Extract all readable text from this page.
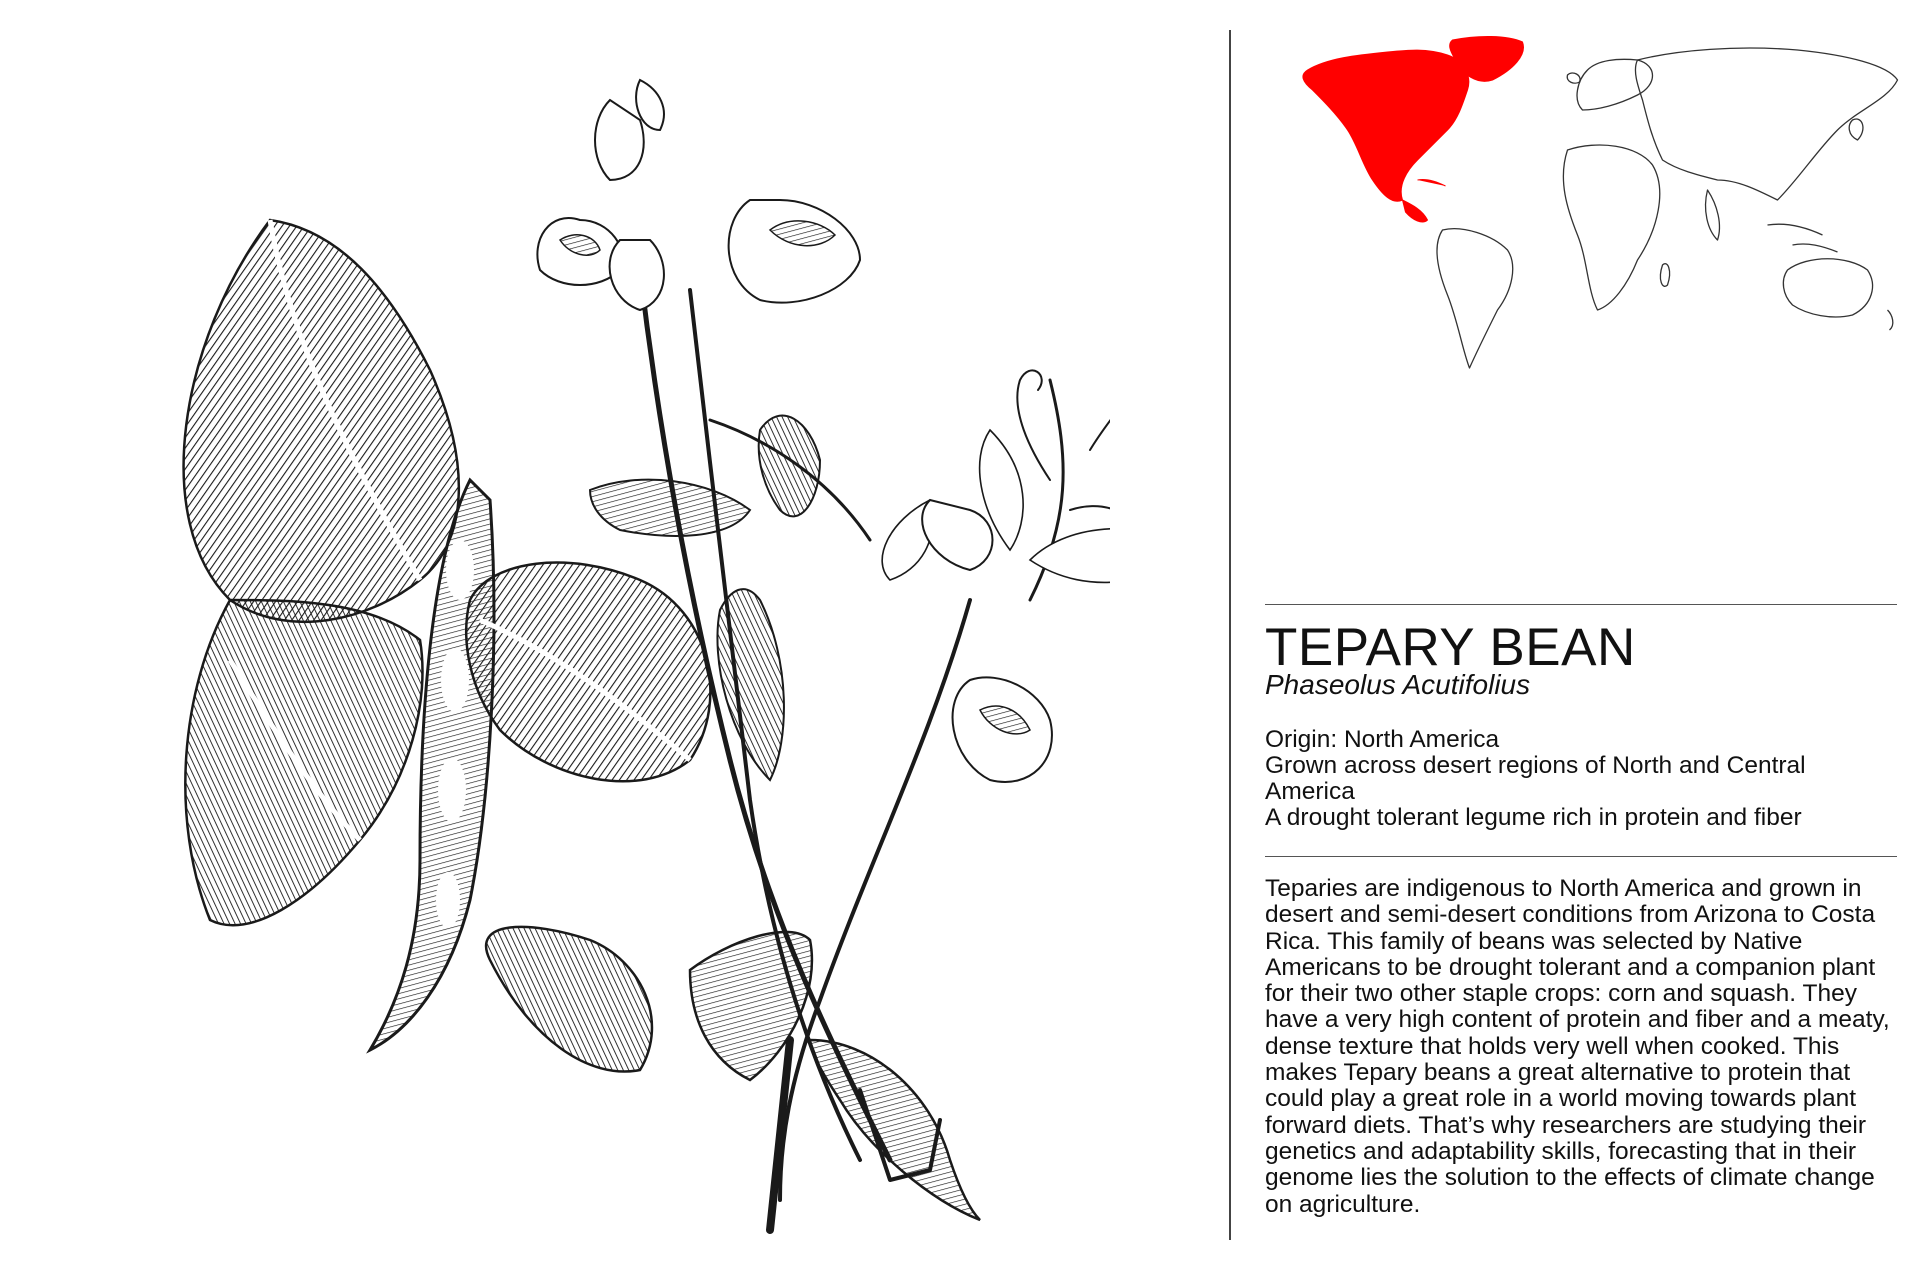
TEPARY BEAN

Phaseolus Acutifolius

Origin: North America
Grown across desert regions of North and Central America
A drought tolerant legume rich in protein and fiber

Teparies are indigenous to North America and grown in desert and semi-desert conditions from Arizona to Costa Rica. This family of beans was selected by Native Americans to be drought tolerant and a companion plant for their two other staple crops: corn and squash. They have a very high content of protein and fiber and a meaty, dense texture that holds very well when cooked. This makes Tepary beans a great alternative to protein that could play a great role in a world moving towards plant forward diets. That’s why researchers are studying their genetics and adaptability skills, forecasting that in their genome lies the solution to the effects of climate change on agriculture.
